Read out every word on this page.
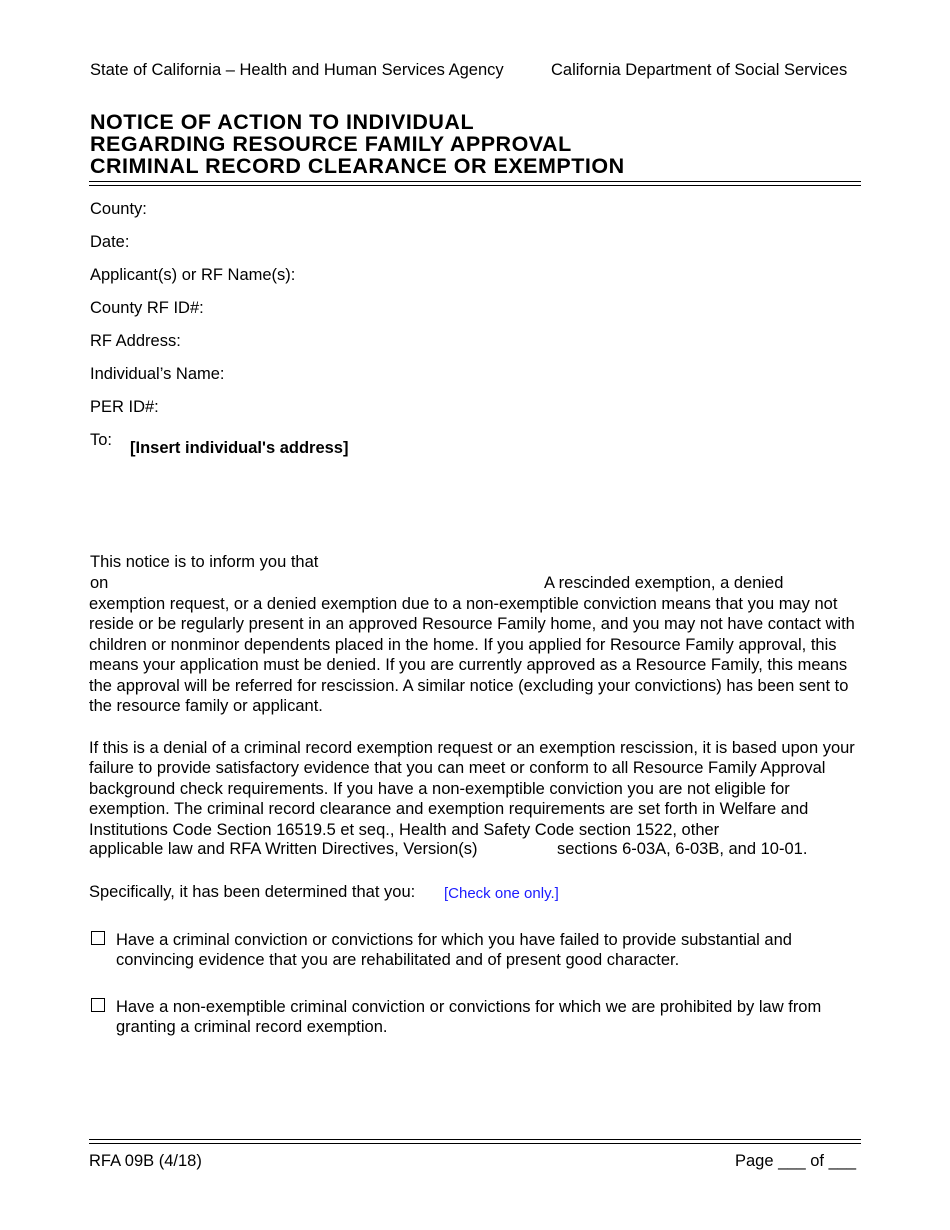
State of California – Health and Human Services Agency	California Department of Social Services
NOTICE OF ACTION TO INDIVIDUAL
REGARDING RESOURCE FAMILY APPROVAL
CRIMINAL RECORD CLEARANCE OR EXEMPTION
County:
Date:
Applicant(s) or RF Name(s):
County RF ID#:
RF Address:
Individual’s Name:
PER ID#:
To: [Insert individual's address]
This notice is to inform you that
on	A rescinded exemption, a denied

exemption request, or a denied exemption due to a non-exemptible conviction means that you may not reside or be regularly present in an approved Resource Family home, and you may not have contact with children or nonminor dependents placed in the home. If you applied for Resource Family approval, this means your application must be denied. If you are currently approved as a Resource Family, this means the approval will be referred for rescission. A similar notice (excluding your convictions) has been sent to the resource family or applicant.

If this is a denial of a criminal record exemption request or an exemption rescission, it is based upon your failure to provide satisfactory evidence that you can meet or conform to all Resource Family Approval background check requirements. If you have a non-exemptible conviction you are not eligible for exemption. The criminal record clearance and exemption requirements are set forth in Welfare and Institutions Code Section 16519.5 et seq., Health and Safety Code section 1522, other

applicable law and RFA Written Directives, Version(s)	sections 6-03A, 6-03B, and 10-01.
Specifically, it has been determined that you: [Check one only.]
Have a criminal conviction or convictions for which you have failed to provide substantial and convincing evidence that you are rehabilitated and of present good character.
Have a non-exemptible criminal conviction or convictions for which we are prohibited by law from granting a criminal record exemption.
RFA 09B (4/18)	Page ___ of ___
